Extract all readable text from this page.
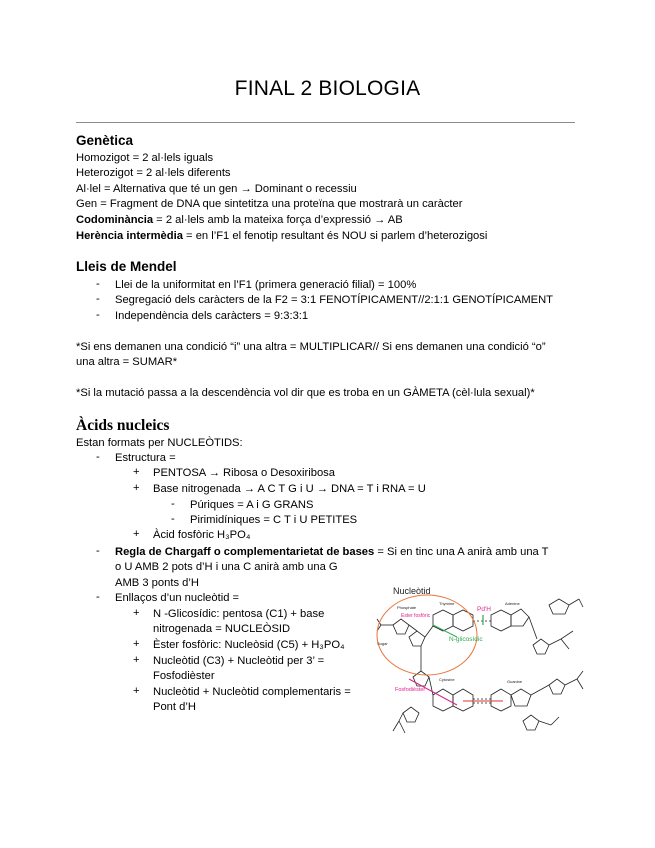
FINAL 2 BIOLOGIA
Genètica
Homozigot = 2 al·lels iguals
Heterozigot = 2 al·lels diferents
Al·lel = Alternativa que té un gen → Dominant o recessiu
Gen = Fragment de DNA que sintetitza una proteïna que mostrarà un caràcter
Codominància = 2 al·lels amb la mateixa força d’expressió → AB
Herència intermèdia = en l’F1 el fenotip resultant és NOU si parlem d’heterozigosi
Lleis de Mendel
- Llei de la uniformitat en l’F1 (primera generació filial) = 100%
- Segregació dels caràcters de la F2 = 3:1 FENOTÍPICAMENT//2:1:1 GENOTÍPICAMENT
- Independència dels caràcters = 9:3:3:1
*Si ens demanen una condició “i” una altra = MULTIPLICAR// Si ens demanen una condició “o”
una altra = SUMAR*
*Si la mutació passa a la descendència vol dir que es troba en un GÀMETA (cèl·lula sexual)*
Àcids nucleics
Estan formats per NUCLEÒTIDS:
- Estructura =
+ PENTOSA → Ribosa o Desoxiribosa
+ Base nitrogenada → A C T G i U → DNA = T i RNA = U
- Púriques = A i G GRANS
- Pirimidíniques = C T i U PETITES
+ Àcid fosfòric H₃PO₄
- Regla de Chargaff o complementarietat de bases = Si en tinc una A anirà amb una T
o U AMB 2 pots d’H i una C anirà amb una G
AMB 3 ponts d’H
- Enllaços d’un nucleòtid =
+ N -Glicosídic: pentosa (C1) + base
nitrogenada = NUCLEÒSID
+ Èster fosfòric: Nucleòsid (C5) + H₃PO₄
+ Nucleòtid (C3) + Nucleòtid per 3’ =
Fosfodièster
+ Nucleòtid + Nucleòtid complementaris =
Pont d’H
Nucleòtid
Pd'H
Ester fosfòric
N-glicosídic
Fosfodièster
Phosphate
Thymine	Adenine
Sugar
Cytosine	Guanine
